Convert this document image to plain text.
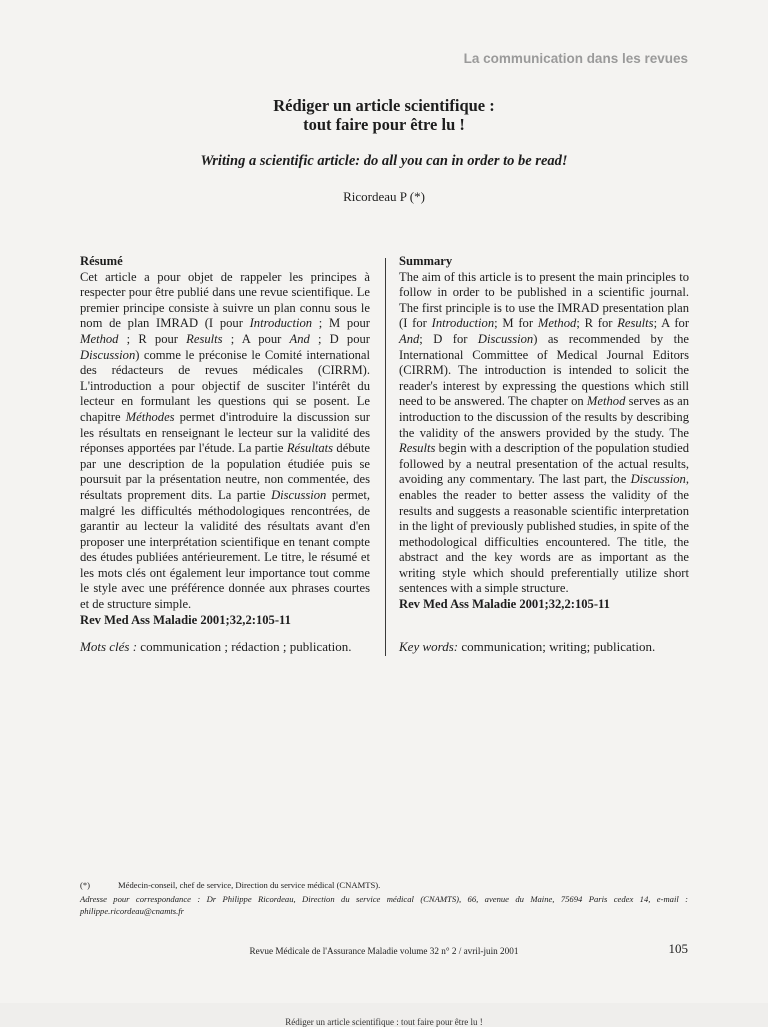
La communication dans les revues
Rédiger un article scientifique :
tout faire pour être lu !
Writing a scientific article: do all you can in order to be read!
Ricordeau P (*)

Résumé

Cet article a pour objet de rappeler les principes à respecter pour être publié dans une revue scientifique. Le premier principe consiste à suivre un plan connu sous le nom de plan IMRAD (I pour Introduction ; M pour Method ; R pour Results ; A pour And ; D pour Discussion) comme le préconise le Comité international des rédacteurs de revues médicales (CIRRM). L'introduction a pour objectif de susciter l'intérêt du lecteur en formulant les questions qui se posent. Le chapitre Méthodes permet d'introduire la discussion sur les résultats en renseignant le lecteur sur la validité des réponses apportées par l'étude. La partie Résultats débute par une description de la population étudiée puis se poursuit par la présentation neutre, non commentée, des résultats proprement dits. La partie Discussion permet, malgré les difficultés méthodologiques rencontrées, de garantir au lecteur la validité des résultats avant d'en proposer une interprétation scientifique en tenant compte des études publiées antérieurement. Le titre, le résumé et les mots clés ont également leur importance tout comme le style avec une préférence donnée aux phrases courtes et de structure simple.

Rev Med Ass Maladie 2001;32,2:105-11

Summary

The aim of this article is to present the main principles to follow in order to be published in a scientific journal. The first principle is to use the IMRAD presentation plan (I for Introduction; M for Method; R for Results; A for And; D for Discussion) as recommended by the International Committee of Medical Journal Editors (CIRRM). The introduction is intended to solicit the reader's interest by expressing the questions which still need to be answered. The chapter on Method serves as an introduction to the discussion of the results by describing the validity of the answers provided by the study. The Results begin with a description of the population studied followed by a neutral presentation of the actual results, avoiding any commentary. The last part, the Discussion, enables the reader to better assess the validity of the results and suggests a reasonable scientific interpretation in the light of previously published studies, in spite of the methodological difficulties encountered. The title, the abstract and the key words are as important as the writing style which should preferentially utilize short sentences with a simple structure.

Rev Med Ass Maladie 2001;32,2:105-11

Mots clés : communication ; rédaction ; publication.	Key words: communication; writing; publication.
(*)	Médecin-conseil, chef de service, Direction du service médical (CNAMTS).
Adresse pour correspondance : Dr Philippe Ricordeau, Direction du service médical (CNAMTS), 66, avenue du Maine, 75694 Paris cedex 14, e-mail : philippe.ricordeau@cnamts.fr
Revue Médicale de l'Assurance Maladie volume 32 n° 2 / avril-juin 2001	105
Rédiger un article scientifique : tout faire pour être lu !
